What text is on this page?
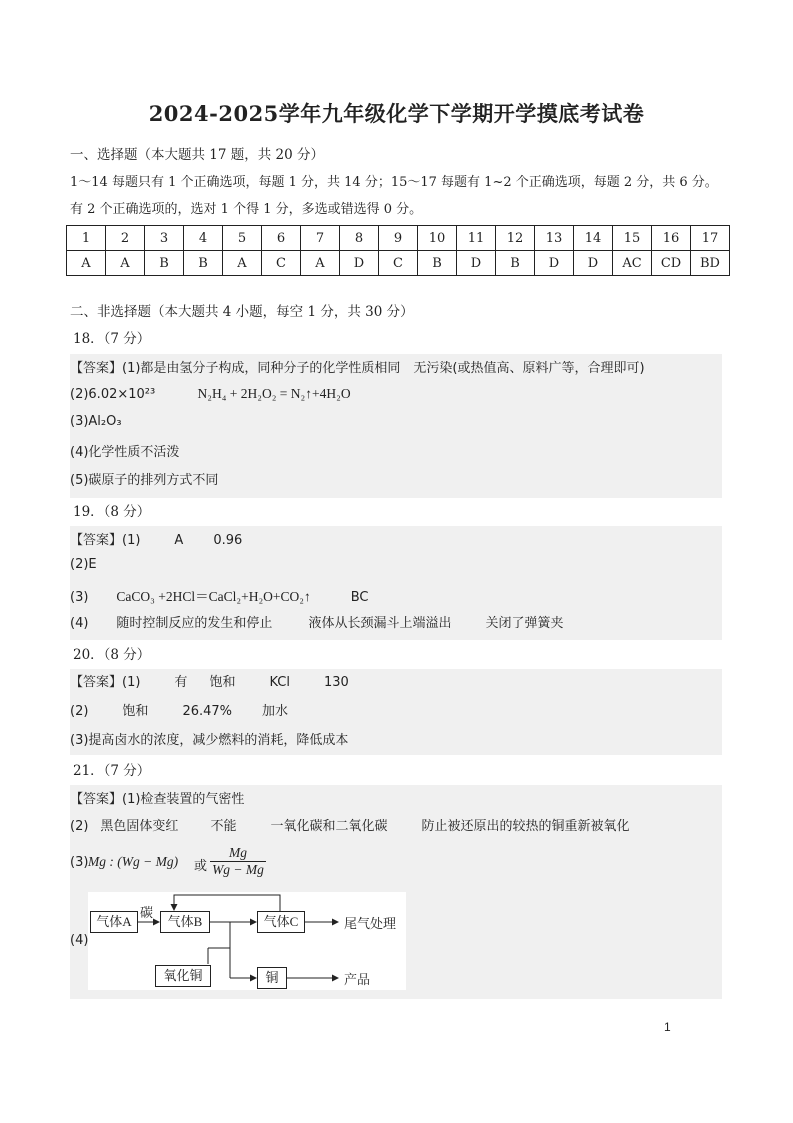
2024-2025学年九年级化学下学期开学摸底考试卷
一、选择题（本大题共 17 题，共 20 分）
1～14 每题只有 1 个正确选项，每题 1 分，共 14 分；15～17 每题有 1~2 个正确选项，每题 2 分，共 6 分。
有 2 个正确选项的，选对 1 个得 1 分，多选或错选得 0 分。
1	2	3	4	5	6	7	8	9	10	11	12	13	14	15	16	17
A	A	B	B	A	C	A	D	C	B	D	B	D	D	AC	CD	BD
二、非选择题（本大题共 4 小题，每空 1 分，共 30 分）
18．（7 分）
【答案】(1)都是由氢分子构成，同种分子的化学性质相同　无污染(或热值高、原料广等，合理即可)
(2)6.02×10²³	N₂H₄ + 2H₂O₂ = N₂↑+4H₂O
(3)Al₂O₃
(4)化学性质不活泼
(5)碳原子的排列方式不同
19．（8 分）
【答案】(1)	A 0.96
(2)E
(3) CaCO₃ +2HCl＝CaCl₂+H₂O+CO₂↑	BC
(4) 随时控制反应的发生和停止	液体从长颈漏斗上端溢出	关闭了弹簧夹
20．（8 分）
【答案】(1)	有 饱和	KCl	130
(2)	饱和	26.47% 加水
(3)提高卤水的浓度，减少燃料的消耗，降低成本
21．（7 分）
【答案】(1)检查装置的气密性
(2) 黑色固体变红 不能	一氧化碳和二氧化碳	防止被还原出的较热的铜重新被氧化
(3) Mg : (Wg − Mg) 或 $\frac{Mg}{Wg - Mg}$
(4)
气体A
碳
气体B	气体C	尾气处理
氧化铜	铜	产品
1
